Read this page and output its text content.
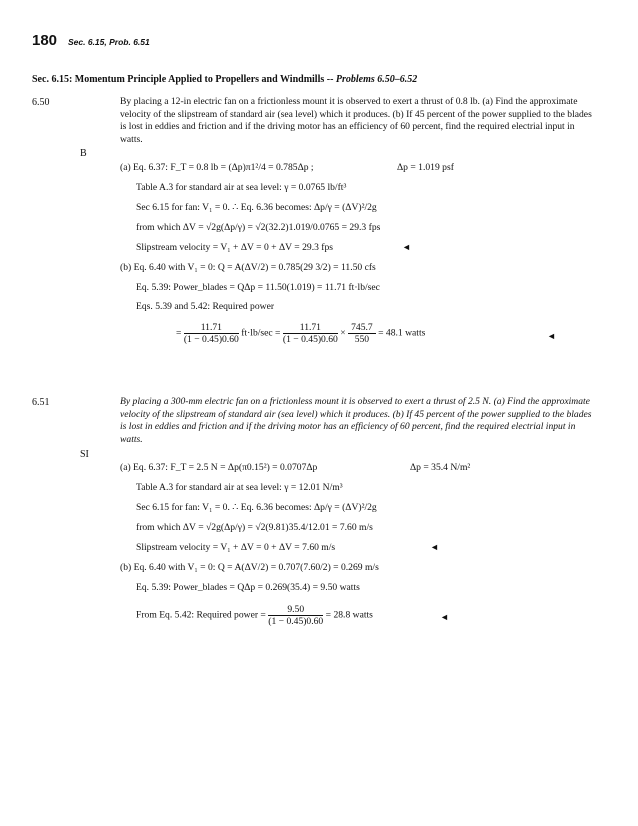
180 Sec. 6.15, Prob. 6.51
Sec. 6.15: Momentum Principle Applied to Propellers and Windmills -- Problems 6.50–6.52
6.50	By placing a 12-in electric fan on a frictionless mount it is observed to exert a thrust of 0.8 lb. (a) Find the approximate velocity of the slipstream of standard air (sea level) which it produces. (b) If 45 percent of the power supplied to the blades is lost in eddies and friction and if the driving motor has an efficiency of 60 percent, find the required electrial input in watts.
B
(a) Eq. 6.37: F_T = 0.8 lb = (Δp)π1²/4 = 0.785Δp ;	Δp = 1.019 psf
Table A.3 for standard air at sea level: γ = 0.0765 lb/ft³
Sec 6.15 for fan: V₁ = 0. ∴ Eq. 6.36 becomes: Δp/γ = (ΔV)²/2g
from which ΔV = √2g(Δp/γ) = √2(32.2)1.019/0.0765 = 29.3 fps
Slipstream velocity = V₁ + ΔV = 0 + ΔV = 29.3 fps	◄
(b) Eq. 6.40 with V₁ = 0: Q = A(ΔV/2) = 0.785(29 3/2) = 11.50 cfs
Eq. 5.39: Power_blades = QΔp = 11.50(1.019) = 11.71 ft·lb/sec
Eqs. 5.39 and 5.42: Required power
= $\frac{11.71}{(1 - 0.45)0.60} ft\cdot lb/\sec = \frac{11.71}{(1 - 0.45)0.60} \times \frac{745.7}{550} = 48.1$ watts	◄
6.51	By placing a 300-mm electric fan on a frictionless mount it is observed to exert a thrust of 2.5 N. (a) Find the approximate velocity of the slipstream of standard air (sea level) which it produces. (b) If 45 percent of the power supplied to the blades is lost in eddies and friction and if the driving motor has an efficiency of 60 percent, find the required electrial input in watts.
SI
(a) Eq. 6.37: F_T = 2.5 N = Δp(π0.15²) = 0.0707Δp	Δp = 35.4 N/m²
Table A.3 for standard air at sea level: γ = 12.01 N/m³
Sec 6.15 for fan: V₁ = 0. ∴ Eq. 6.36 becomes: Δp/γ = (ΔV)²/2g
from which ΔV = √2g(Δp/γ) = √2(9.81)35.4/12.01 = 7.60 m/s
Slipstream velocity = V₁ + ΔV = 0 + ΔV = 7.60 m/s	◄
(b) Eq. 6.40 with V₁ = 0: Q = A(ΔV/2) = 0.707(7.60/2) = 0.269 m/s
Eq. 5.39: Power_blades = QΔp = 0.269(35.4) = 9.50 watts
From Eq. 5.42: Required power = $\frac{9.50}{(1 - 0.45)0.60} = 28.8$ watts	◄
